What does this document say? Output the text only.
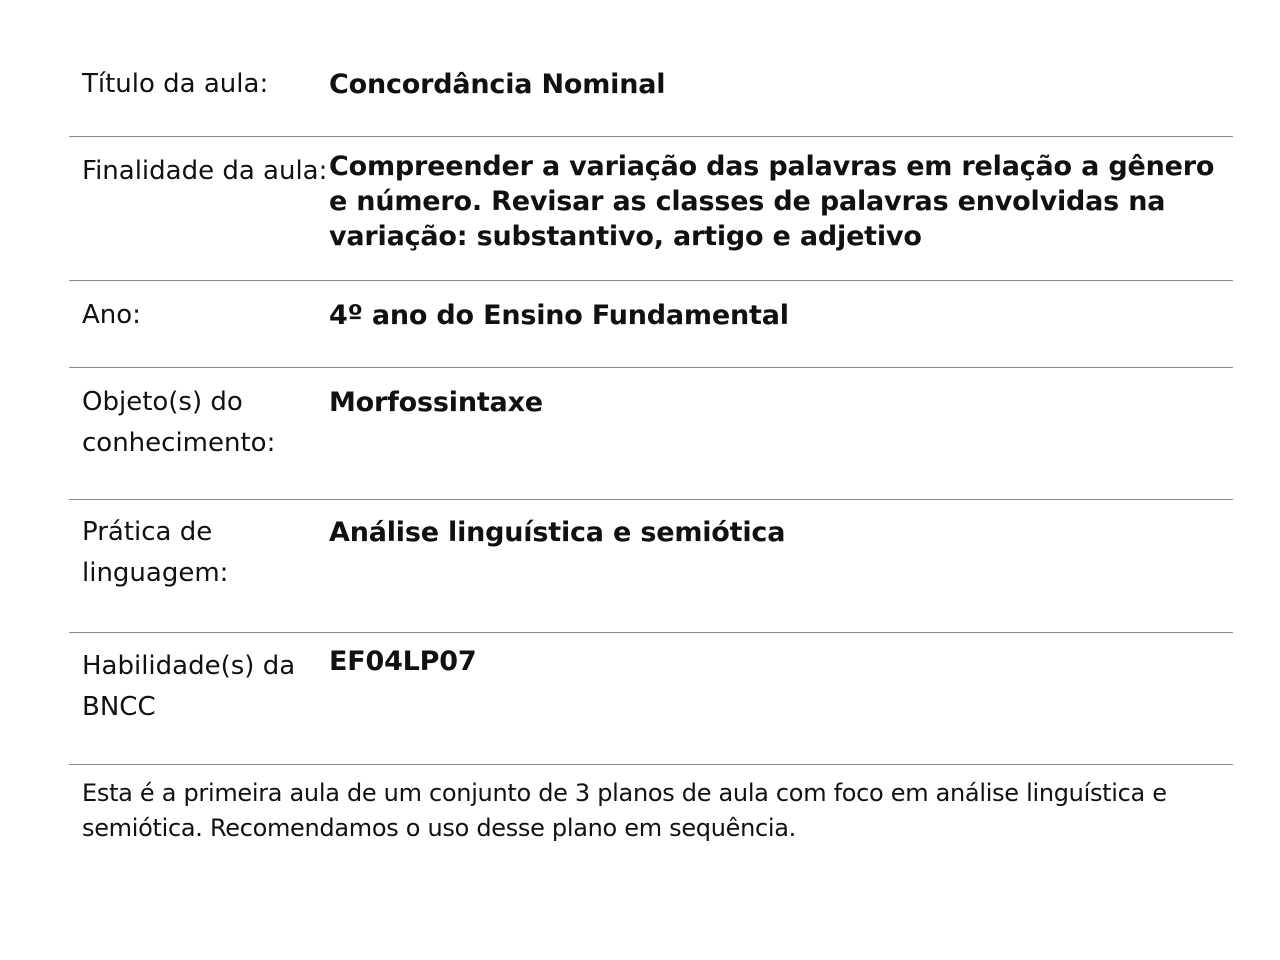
Título da aula:	Concordância Nominal
Finalidade da aula: Compreender a variação das palavras em relação a gênero e número. Revisar as classes de palavras envolvidas na variação: substantivo, artigo e adjetivo
Ano:	4º ano do Ensino Fundamental
Objeto(s) do conhecimento:
Morfossintaxe
Prática de linguagem:
Análise linguística e semiótica
Habilidade(s) da BNCC
EF04LP07
Esta é a primeira aula de um conjunto de 3 planos de aula com foco em análise linguística e semiótica. Recomendamos o uso desse plano em sequência.
